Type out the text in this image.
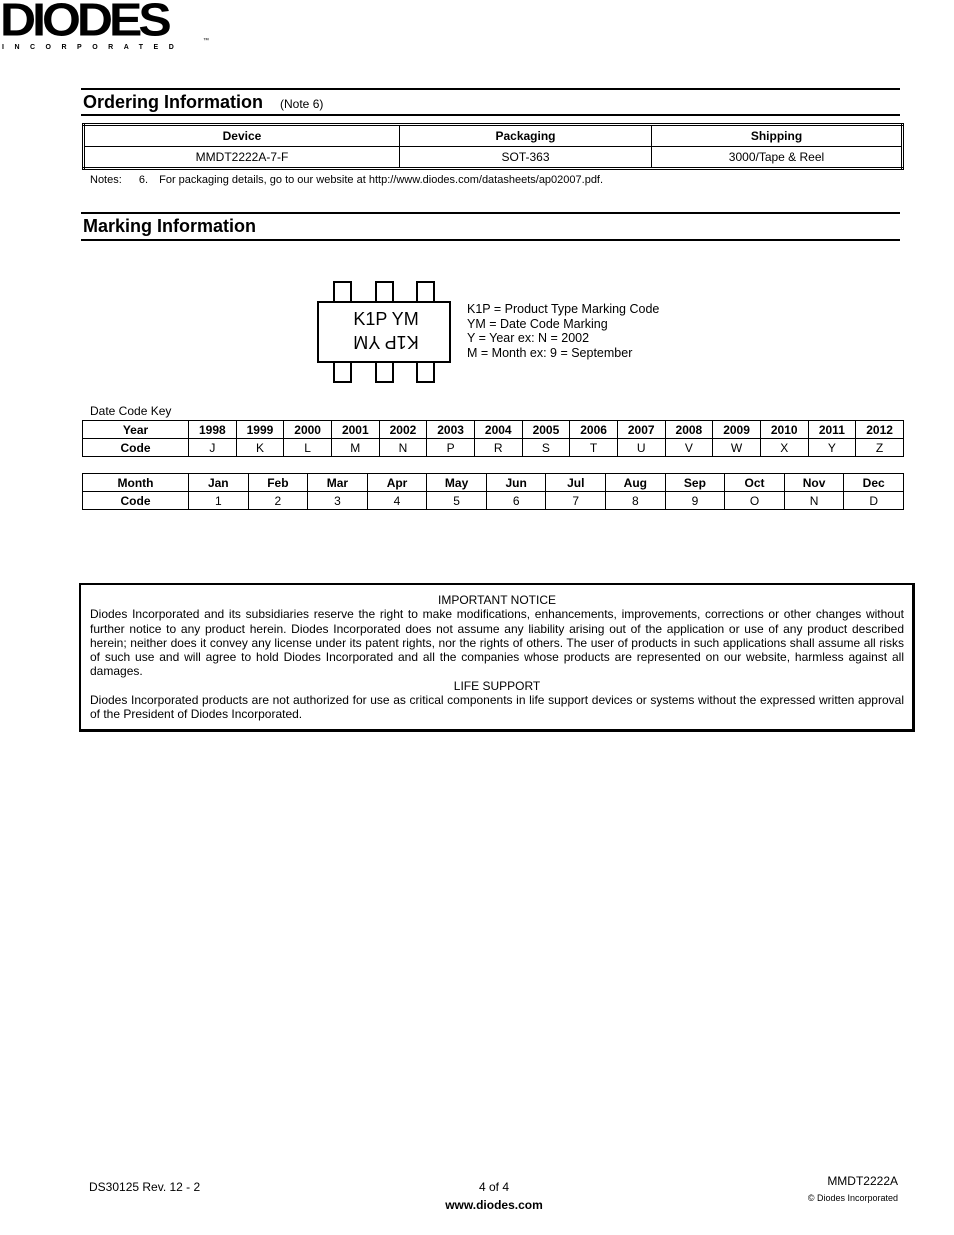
DIODES
INCORPORATED
™
Ordering Information (Note 6)
Device	Packaging	Shipping
MMDT2222A-7-F	SOT-363	3000/Tape & Reel
Notes: 6. For packaging details, go to our website at http://www.diodes.com/datasheets/ap02007.pdf.
Marking Information
K1P YM
K1P YM
K1P = Product Type Marking Code
YM = Date Code Marking
Y = Year ex: N = 2002
M = Month ex: 9 = September
Date Code Key
Year	1998	1999	2000	2001	2002	2003	2004	2005	2006	2007	2008	2009	2010	2011	2012
Code	J	K	L	M	N	P	R	S	T	U	V	W	X	Y	Z
Month	Jan	Feb	Mar	Apr	May	Jun	Jul	Aug	Sep	Oct	Nov	Dec
Code	1	2	3	4	5	6	7	8	9	O	N	D
IMPORTANT NOTICE
Diodes Incorporated and its subsidiaries reserve the right to make modifications, enhancements, improvements, corrections or other changes without further notice to any product herein. Diodes Incorporated does not assume any liability arising out of the application or use of any product described herein; neither does it convey any license under its patent rights, nor the rights of others. The user of products in such applications shall assume all risks of such use and will agree to hold Diodes Incorporated and all the companies whose products are represented on our website, harmless against all damages.
LIFE SUPPORT
Diodes Incorporated products are not authorized for use as critical components in life support devices or systems without the expressed written approval of the President of Diodes Incorporated.
DS30125 Rev. 12 - 2	4 of 4
www.diodes.com
MMDT2222A
© Diodes Incorporated
